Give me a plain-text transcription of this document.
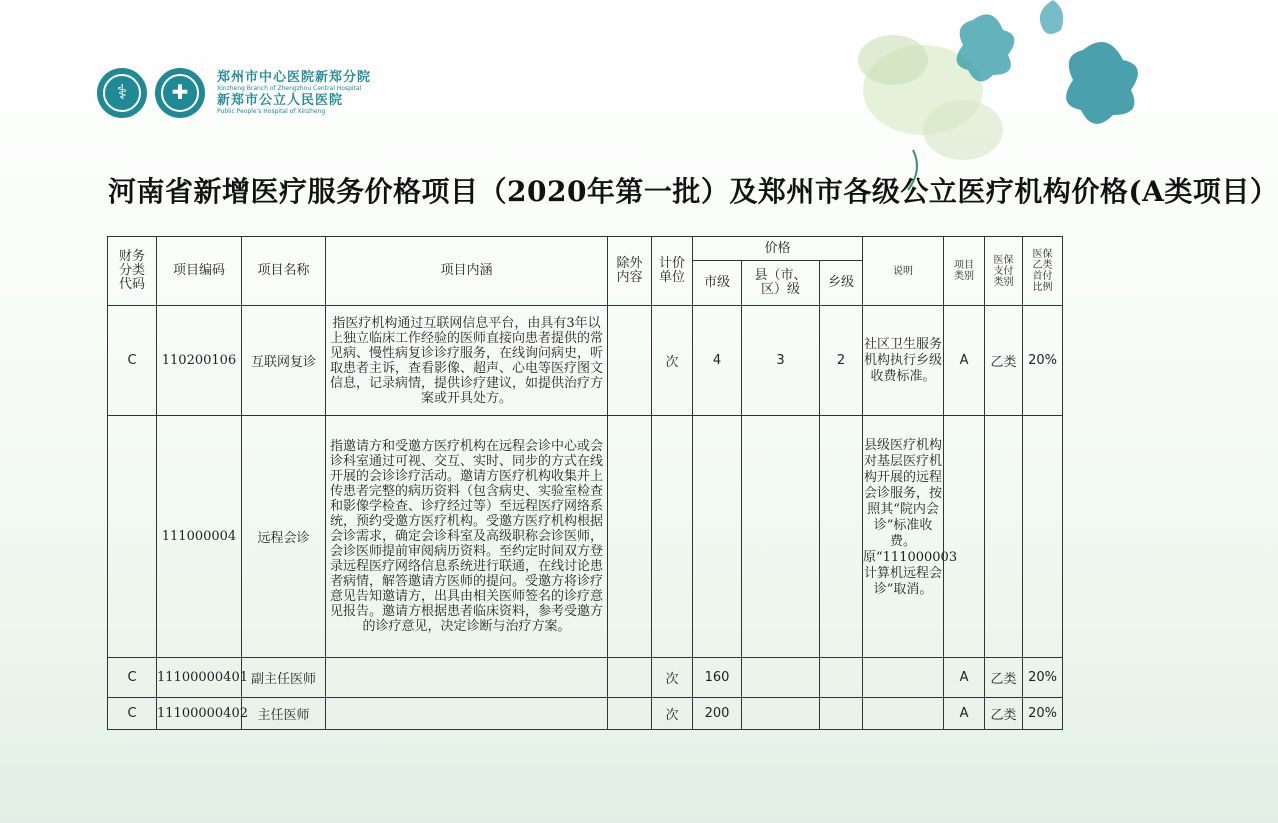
⚕	✚
郑州市中心医院新郑分院
Xinzheng Branch of Zhengzhou Central Hospital
新郑市公立人民医院
Public People's Hospital of Xinzheng
河南省新增医疗服务价格项目（2020年第一批）及郑州市各级公立医疗机构价格(A类项目）
财务分类代码	项目编码	项目名称	项目内涵	除外内容	计价单位	价格			说明	项目类别	医保支付类别	医保乙类首付比例
						市级	县（市、区）级	乡级				
C	110200106	互联网复诊	指医疗机构通过互联网信息平台，由具有3年以上独立临床工作经验的医师直接向患者提供的常见病、慢性病复诊诊疗服务，在线询问病史，听取患者主诉，查看影像、超声、心电等医疗图文信息，记录病情，提供诊疗建议，如提供治疗方案或开具处方。		次	4	3	2	社区卫生服务机构执行乡级收费标准。	A	乙类	20%
	111000004	远程会诊	指邀请方和受邀方医疗机构在远程会诊中心或会诊科室通过可视、交互、实时、同步的方式在线开展的会诊诊疗活动。邀请方医疗机构收集并上传患者完整的病历资料（包含病史、实验室检查和影像学检查、诊疗经过等）至远程医疗网络系统，预约受邀方医疗机构。受邀方医疗机构根据会诊需求，确定会诊科室及高级职称会诊医师，会诊医师提前审阅病历资料。至约定时间双方登录远程医疗网络信息系统进行联通，在线讨论患者病情，解答邀请方医师的提问。受邀方将诊疗意见告知邀请方，出具由相关医师签名的诊疗意见报告。邀请方根据患者临床资料，参考受邀方的诊疗意见，决定诊断与治疗方案。						县级医疗机构对基层医疗机构开展的远程会诊服务，按照其“院内会诊”标准收费。原“111000003计算机远程会诊”取消。			
C	11100000401	副主任医师			次	160				A	乙类	20%
C	11100000402	主任医师			次	200				A	乙类	20%
